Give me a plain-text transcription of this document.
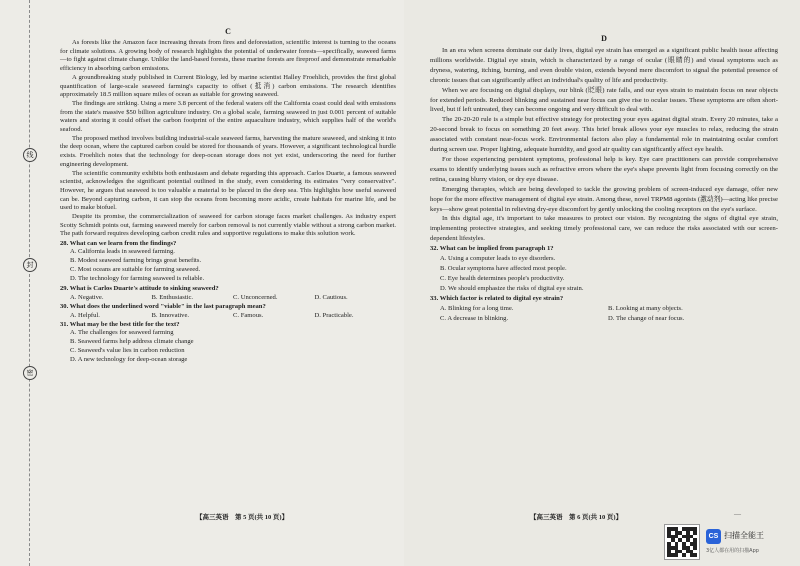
线
封
密
C

As forests like the Amazon face increasing threats from fires and deforestation, scientific interest is turning to the oceans for climate solutions. A growing body of research highlights the potential of underwater forests—specifically, seaweed farms—to fight against climate change. Unlike the land-based forests, these marine forests are fireproof and demonstrate remarkable efficiency in absorbing carbon emissions.

A groundbreaking study published in Current Biology, led by marine scientist Halley Froehlich, provides the first global quantification of large-scale seaweed farming's capacity to offset (抵消) carbon emissions. The research identifies approximately 18.5 million square miles of ocean as suitable for growing seaweed.

The findings are striking. Using a mere 3.8 percent of the federal waters off the California coast could deal with emissions from the state's massive $50 billion agriculture industry. On a global scale, farming seaweed in just 0.001 percent of suitable waters and storing it could offset the carbon footprint of the entire aquaculture industry, which supplies half of the world's seafood.

The proposed method involves building industrial-scale seaweed farms, harvesting the mature seaweed, and sinking it into the deep ocean, where the captured carbon could be stored for thousands of years. However, a significant technological hurdle exists. Froehlich notes that the technology for deep-ocean storage does not yet exist, underscoring the need for further engineering development.

The scientific community exhibits both enthusiasm and debate regarding this approach. Carlos Duarte, a famous seaweed scientist, acknowledges the significant potential outlined in the study, even considering its estimates "very conservative". However, he argues that seaweed is too valuable a material to be placed in the deep sea. This highlights how useful seaweed can be. Beyond capturing carbon, it can stop the oceans from becoming more acidic, create habitats for marine life, and be used to make biofuel.

Despite its promise, the commercialization of seaweed for carbon storage faces market challenges. As industry expert Scotty Schmidt points out, farming seaweed merely for carbon removal is not currently viable without a strong carbon market. The path forward requires developing carbon credit rules and supportive regulations to make this solution work.

28. What can we learn from the findings?
A. California leads in seaweed farming.
B. Modest seaweed farming brings great benefits.
C. Most oceans are suitable for farming seaweed.
D. The technology for farming seaweed is reliable.
29. What is Carlos Duarte's attitude to sinking seaweed?
A. Negative.	B. Enthusiastic.	C. Unconcerned.	D. Cautious.
30. What does the underlined word "viable" in the last paragraph mean?
A. Helpful.	B. Innovative.	C. Famous.	D. Practicable.
31. What may be the best title for the text?
A. The challenges for seaweed farming
B. Seaweed farms help address climate change
C. Seaweed's value lies in carbon reduction
D. A new technology for deep-ocean storage
【高三英语　第 5 页(共 10 页)】
D

In an era when screens dominate our daily lives, digital eye strain has emerged as a significant public health issue affecting millions worldwide. Digital eye strain, which is characterized by a range of ocular (眼睛的) and visual symptoms such as dryness, watering, itching, burning, and even double vision, extends beyond mere discomfort to signal the potential presence of chronic issues that can significantly affect an individual's quality of life and productivity.

When we are focusing on digital displays, our blink (眨眼) rate falls, and our eyes strain to maintain focus on near objects for extended periods. Reduced blinking and sustained near focus can give rise to ocular issues. These symptoms are often short-lived, but if left untreated, they can become ongoing and very difficult to deal with.

The 20-20-20 rule is a simple but effective strategy for protecting your eyes against digital strain. Every 20 minutes, take a 20-second break to focus on something 20 feet away. This brief break allows your eye muscles to relax, reducing the strain associated with constant near-focus work. Environmental factors also play a fundamental role in maintaining ocular comfort during screen use. Proper lighting, adequate humidity, and good air quality can significantly affect eye health.

For those experiencing persistent symptoms, professional help is key. Eye care practitioners can provide comprehensive exams to identify underlying issues such as refractive errors where the eye's shape prevents light from focusing correctly on the retina, causing blurry vision, or dry eye disease.

Emerging therapies, which are being developed to tackle the growing problem of screen-induced eye damage, offer new hope for the more effective management of digital eye strain. Among these, novel TRPM8 agonists (激动剂)—acting like precise keys—show great potential in relieving dry-eye discomfort by gently unlocking the cooling receptors on the eye's surface.

In this digital age, it's important to take measures to protect our vision. By recognizing the signs of digital eye strain, implementing protective strategies, and seeking timely professional care, we can reduce the risks associated with our screen-dependent lifestyles.

32. What can be implied from paragraph 1?
A. Using a computer leads to eye disorders.
B. Ocular symptoms have affected most people.
C. Eye health determines people's productivity.
D. We should emphasize the risks of digital eye strain.
33. Which factor is related to digital eye strain?
A. Blinking for a long time.	B. Looking at many objects.
C. A decrease in blinking.	D. The change of near focus.
【高三英语　第 6 页(共 10 页)】	—
CS 扫描全能王
3亿人都在用的扫描App
